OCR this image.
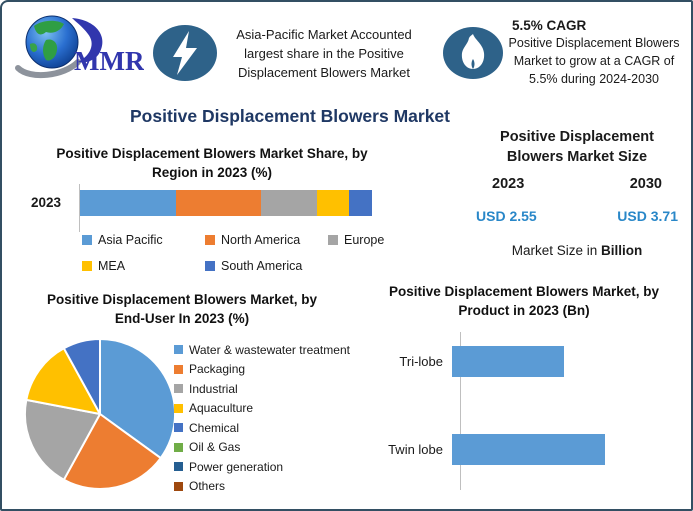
MMR
Asia-Pacific Market Accounted largest share in the Positive Displacement Blowers Market
5.5% CAGR
Positive Displacement Blowers Market to grow at a CAGR of 5.5% during 2024-2030
Positive Displacement Blowers Market
Positive Displacement Blowers Market Share, by Region in 2023 (%)
2023
Asia Pacific	North America	Europe
MEA	South America
Positive Displacement
Blowers Market Size
2023	2030
USD 2.55	USD 3.71
Market Size in Billion
Positive Displacement Blowers Market, by End-User In 2023 (%)
Water & wastewater treatment
Packaging
Industrial
Aquaculture
Chemical
Oil & Gas
Power generation
Others
Positive Displacement Blowers Market, by Product in 2023 (Bn)
Tri-lobe
Twin lobe
